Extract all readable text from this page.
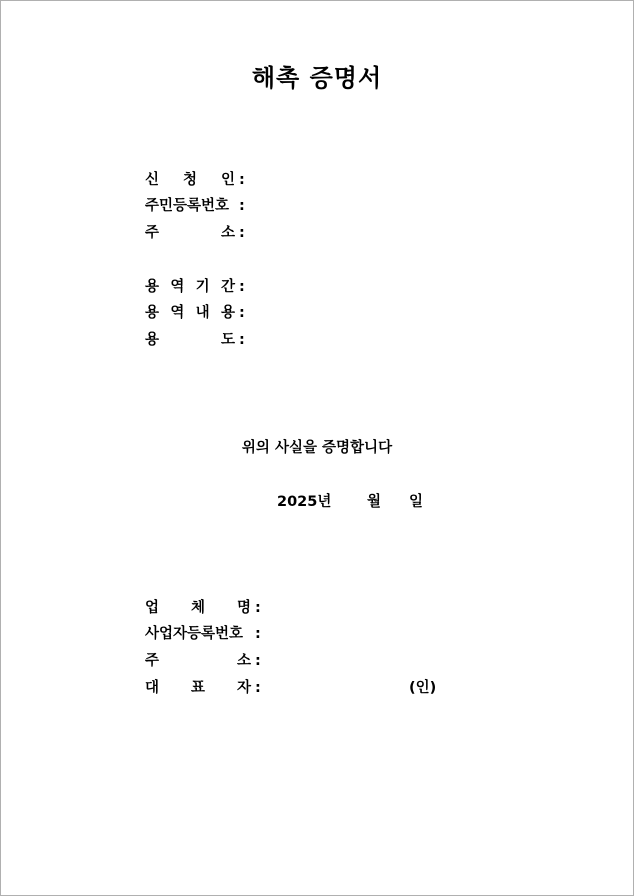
해촉 증명서
신 청 인 :
주민등록번호 :
주 소 :
용 역 기 간 :
용 역 내 용 :
용 도 :
위의 사실을 증명합니다
2025년 월 일
업 체 명 :
사업자등록번호 :
주 소 :
대 표 자 :	(인)
